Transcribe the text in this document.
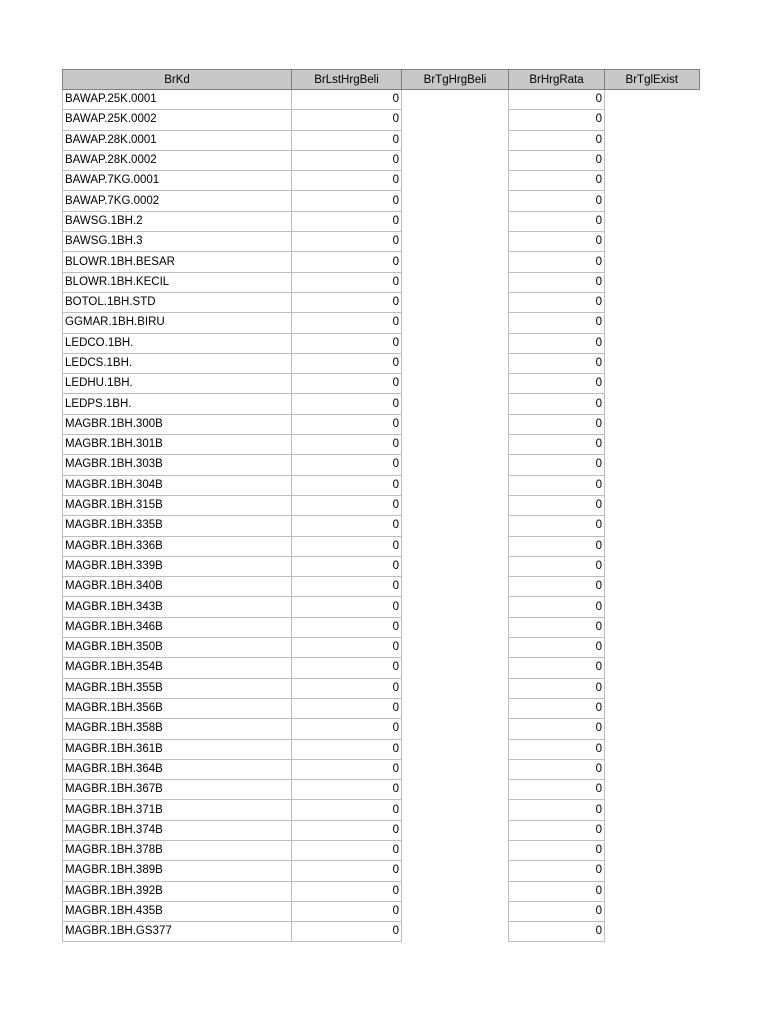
BrKd	BrLstHrgBeli	BrTgHrgBeli	BrHrgRata	BrTglExist
BAWAP.25K.0001	0		0	
BAWAP.25K.0002	0		0	
BAWAP.28K.0001	0		0	
BAWAP.28K.0002	0		0	
BAWAP.7KG.0001	0		0	
BAWAP.7KG.0002	0		0	
BAWSG.1BH.2	0		0	
BAWSG.1BH.3	0		0	
BLOWR.1BH.BESAR	0		0	
BLOWR.1BH.KECIL	0		0	
BOTOL.1BH.STD	0		0	
GGMAR.1BH.BIRU	0		0	
LEDCO.1BH.	0		0	
LEDCS.1BH.	0		0	
LEDHU.1BH.	0		0	
LEDPS.1BH.	0		0	
MAGBR.1BH.300B	0		0	
MAGBR.1BH.301B	0		0	
MAGBR.1BH.303B	0		0	
MAGBR.1BH.304B	0		0	
MAGBR.1BH.315B	0		0	
MAGBR.1BH.335B	0		0	
MAGBR.1BH.336B	0		0	
MAGBR.1BH.339B	0		0	
MAGBR.1BH.340B	0		0	
MAGBR.1BH.343B	0		0	
MAGBR.1BH.346B	0		0	
MAGBR.1BH.350B	0		0	
MAGBR.1BH.354B	0		0	
MAGBR.1BH.355B	0		0	
MAGBR.1BH.356B	0		0	
MAGBR.1BH.358B	0		0	
MAGBR.1BH.361B	0		0	
MAGBR.1BH.364B	0		0	
MAGBR.1BH.367B	0		0	
MAGBR.1BH.371B	0		0	
MAGBR.1BH.374B	0		0	
MAGBR.1BH.378B	0		0	
MAGBR.1BH.389B	0		0	
MAGBR.1BH.392B	0		0	
MAGBR.1BH.435B	0		0	
MAGBR.1BH.GS377	0		0	
